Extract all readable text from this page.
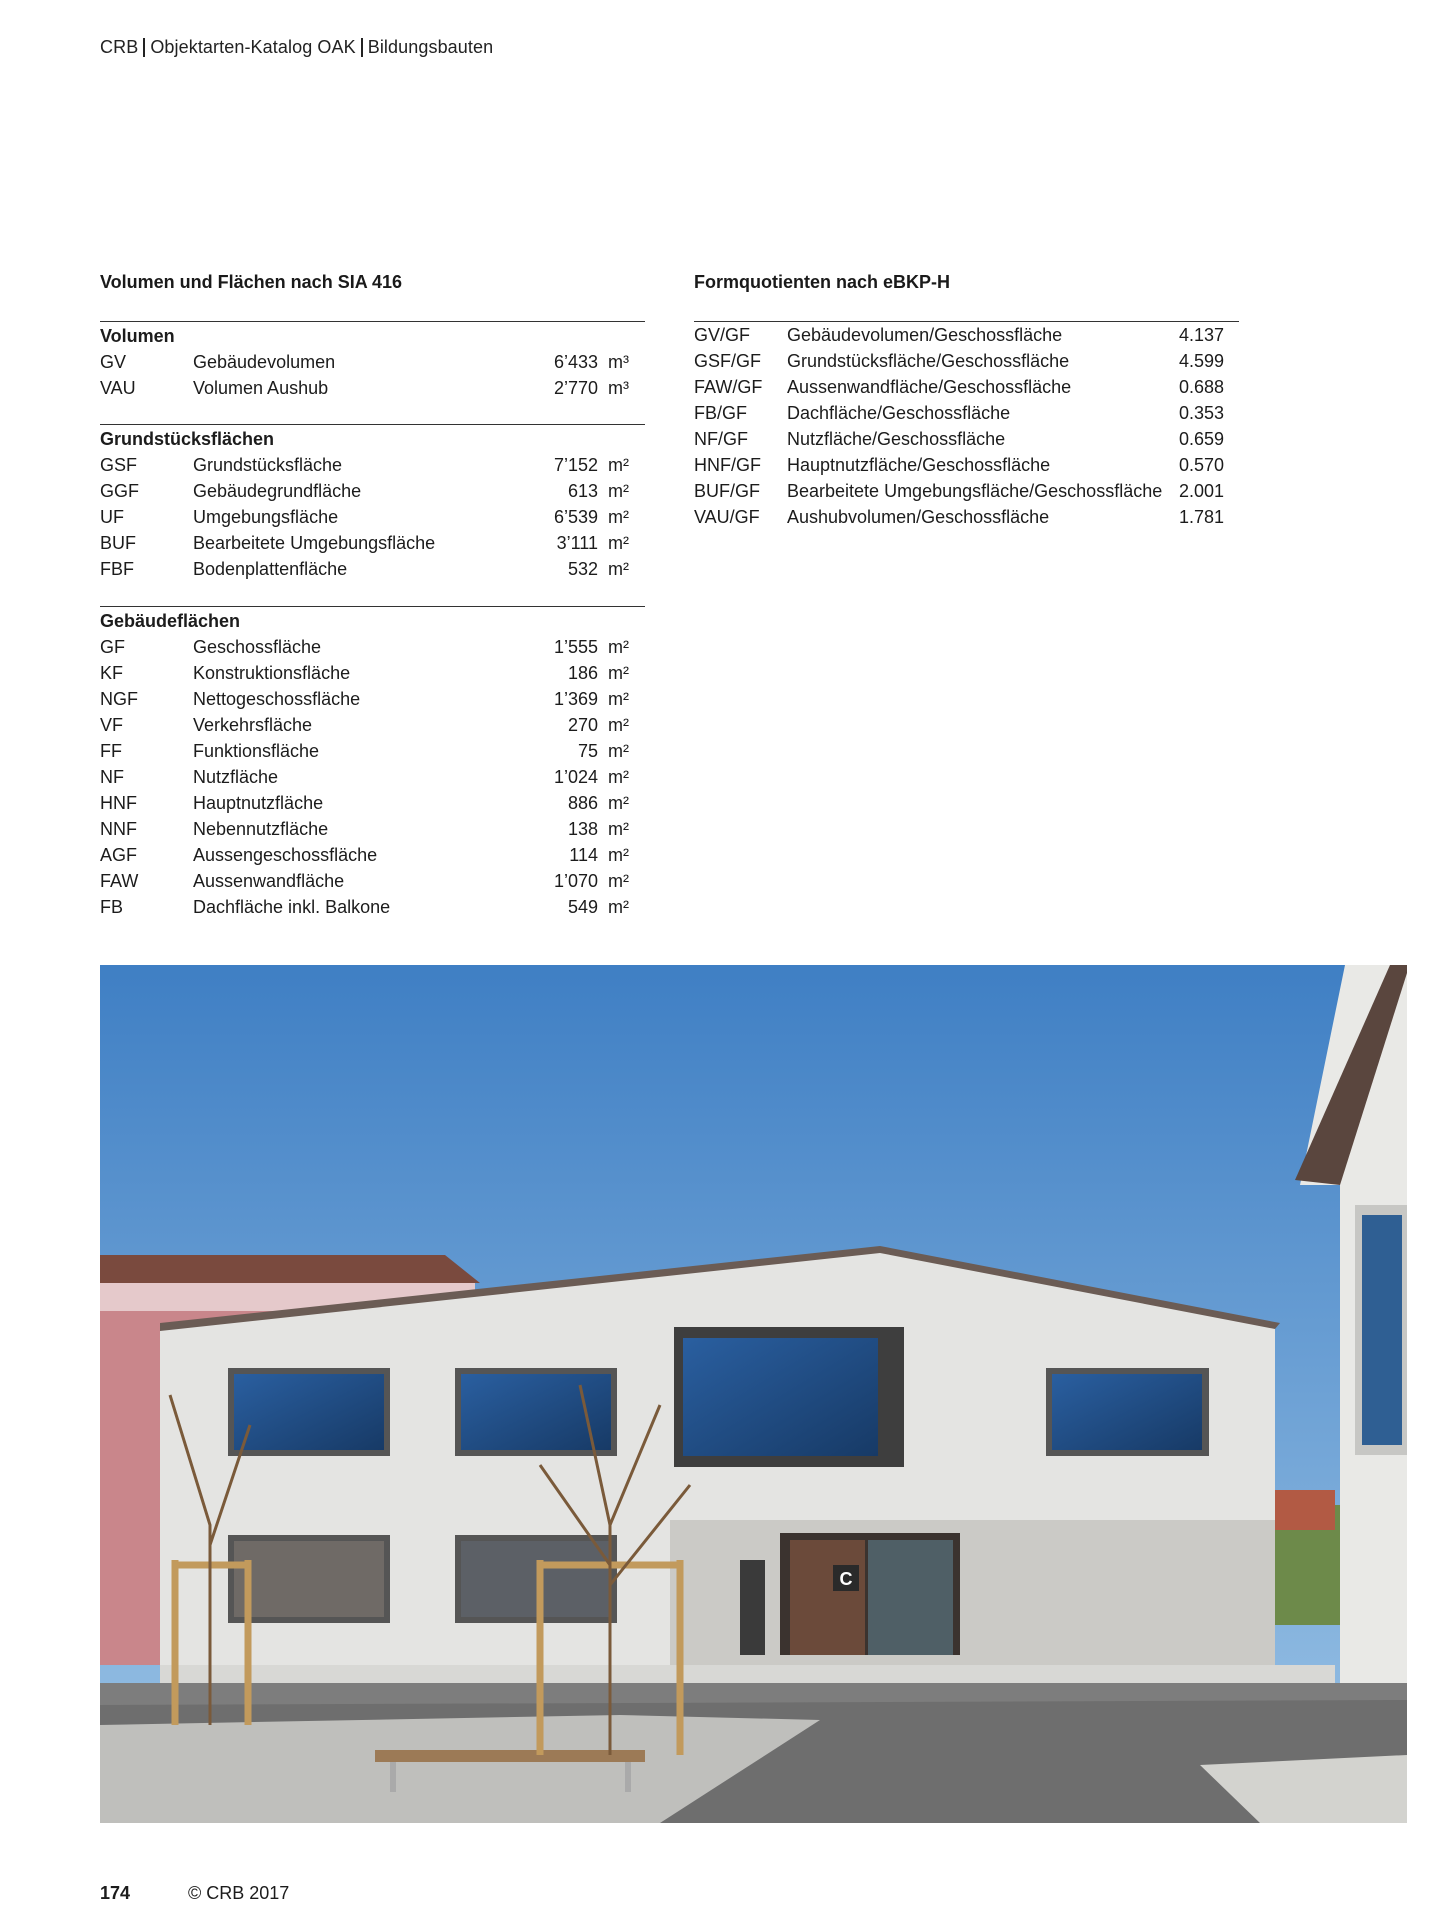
CRB Objektarten-Katalog OAK Bildungsbauten
Volumen und Flächen nach SIA 416	Formquotienten nach eBKP-H
Volumen
GV	Gebäudevolumen	6’433 m³
VAU	Volumen Aushub	2’770 m³
Grundstücksflächen
GSF	Grundstücksfläche	7’152 m²
GGF	Gebäudegrundfläche	613 m²
UF	Umgebungsfläche	6’539 m²
BUF	Bearbeitete Umgebungsfläche	3’111 m²
FBF	Bodenplattenfläche	532 m²
Gebäudeflächen
GF	Geschossfläche	1’555 m²
KF	Konstruktionsfläche	186 m²
NGF	Nettogeschossfläche	1’369 m²
VF	Verkehrsfläche	270 m²
FF	Funktionsfläche	75 m²
NF	Nutzfläche	1’024 m²
HNF	Hauptnutzfläche	886 m²
NNF	Nebennutzfläche	138 m²
AGF	Aussengeschossfläche	114 m²
FAW	Aussenwandfläche	1’070 m²
FB	Dachfläche inkl. Balkone	549 m²
GV/GF	Gebäudevolumen/Geschossfläche	4.137
GSF/GF	Grundstücksfläche/Geschossfläche	4.599
FAW/GF	Aussenwandfläche/Geschossfläche	0.688
FB/GF	Dachfläche/Geschossfläche	0.353
NF/GF	Nutzfläche/Geschossfläche	0.659
HNF/GF	Hauptnutzfläche/Geschossfläche	0.570
BUF/GF	Bearbeitete Umgebungsfläche/Geschossfläche 2.001
VAU/GF	Aushubvolumen/Geschossfläche	1.781
C
174	© CRB 2017
